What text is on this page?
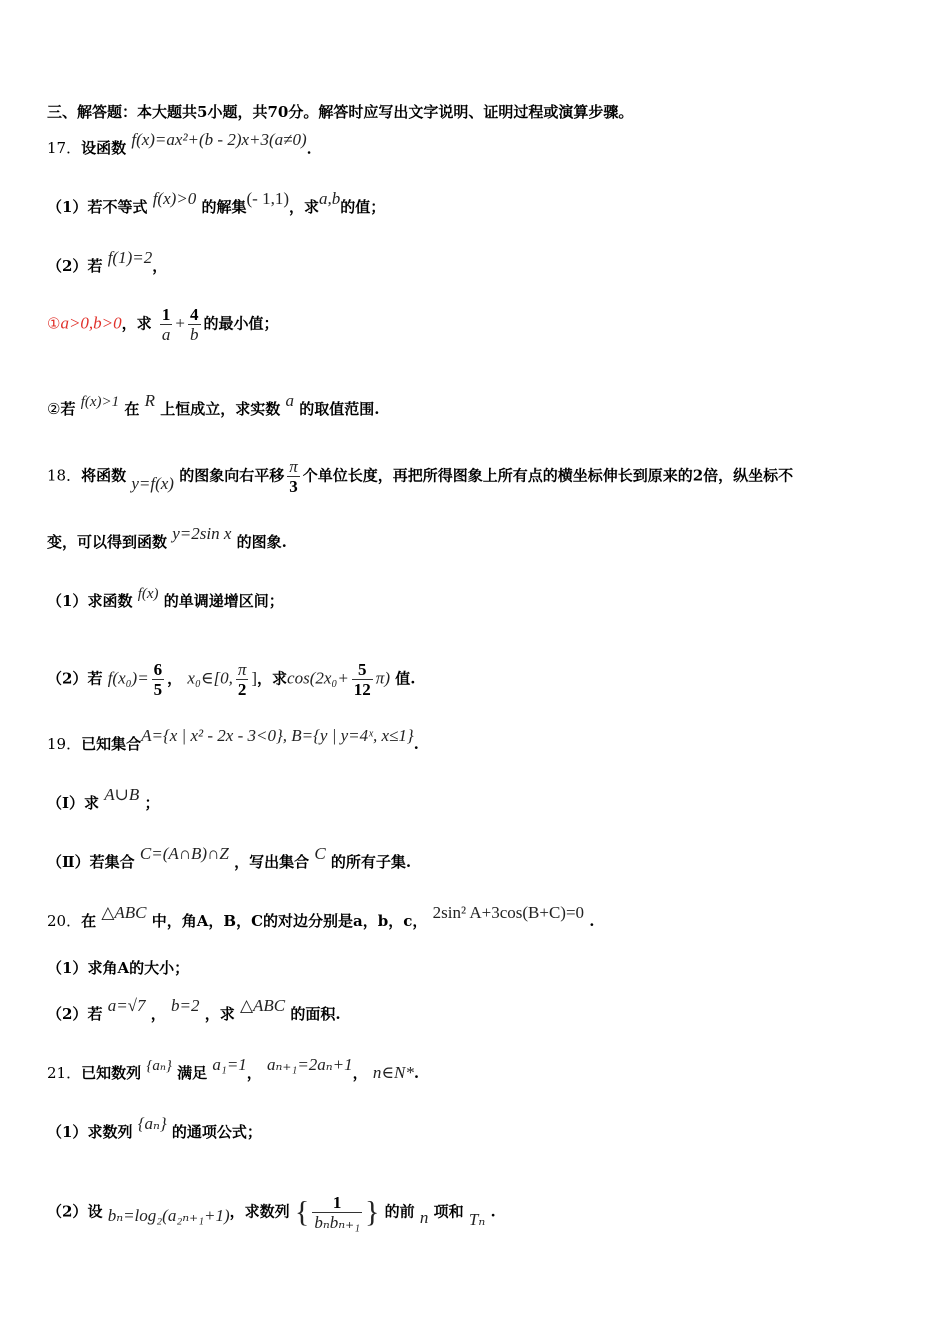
三、解答题：本大题共5小题，共70分。解答时应写出文字说明、证明过程或演算步骤。
17．设函数 f(x)=ax²+(b - 2)x+3(a≠0)．
（1）若不等式 f(x)>0 的解集(- 1,1)，求a,b的值；
（2）若 f(1)=2，
①a>0,b>0，求 $\frac{1}{a} + \frac{4}{b}$ 的最小值；
②若 f(x)>1 在 R 上恒成立，求实数 a 的取值范围.
18．将函数 y=f(x) 的图象向右平移 $\frac{\pi}{3}$ 个单位长度，再把所得图象上所有点的横坐标伸长到原来的2倍，纵坐标不
变，可以得到函数 y=2sin x 的图象.
（1）求函数 f(x) 的单调递增区间；
（2）若 $f(x_0)= \frac{6}{5}$ ， x₀∈[0, $\frac{\pi}{2}$ ]，求$\cos(2x_0+ \frac{5}{12} \pi)$ 值.
19．已知集合A={x | x² - 2x - 3<0}, B={y | y=4ˣ, x≤1}.
（Ⅰ）求 A∪B ；
（Ⅱ）若集合 C=(A∩B)∩Z ，写出集合 C 的所有子集.
20．在 △ABC 中，角A，B，C的对边分别是a，b，c， 2sin² A+3cos(B+C)=0 .
（1）求角A的大小；
（2）若 a=√7 ， b=2 ，求 △ABC 的面积.
21．已知数列 {aₙ} 满足 a₁=1， aₙ₊₁=2aₙ+1， n∈N*.
（1）求数列 {aₙ} 的通项公式；
（2）设 bₙ=log₂(a₂ₙ₊₁+1)，求数列 { $\frac{1}{\text{bₙbₙ₊₁}}$ } 的前 n 项和 Tₙ .
